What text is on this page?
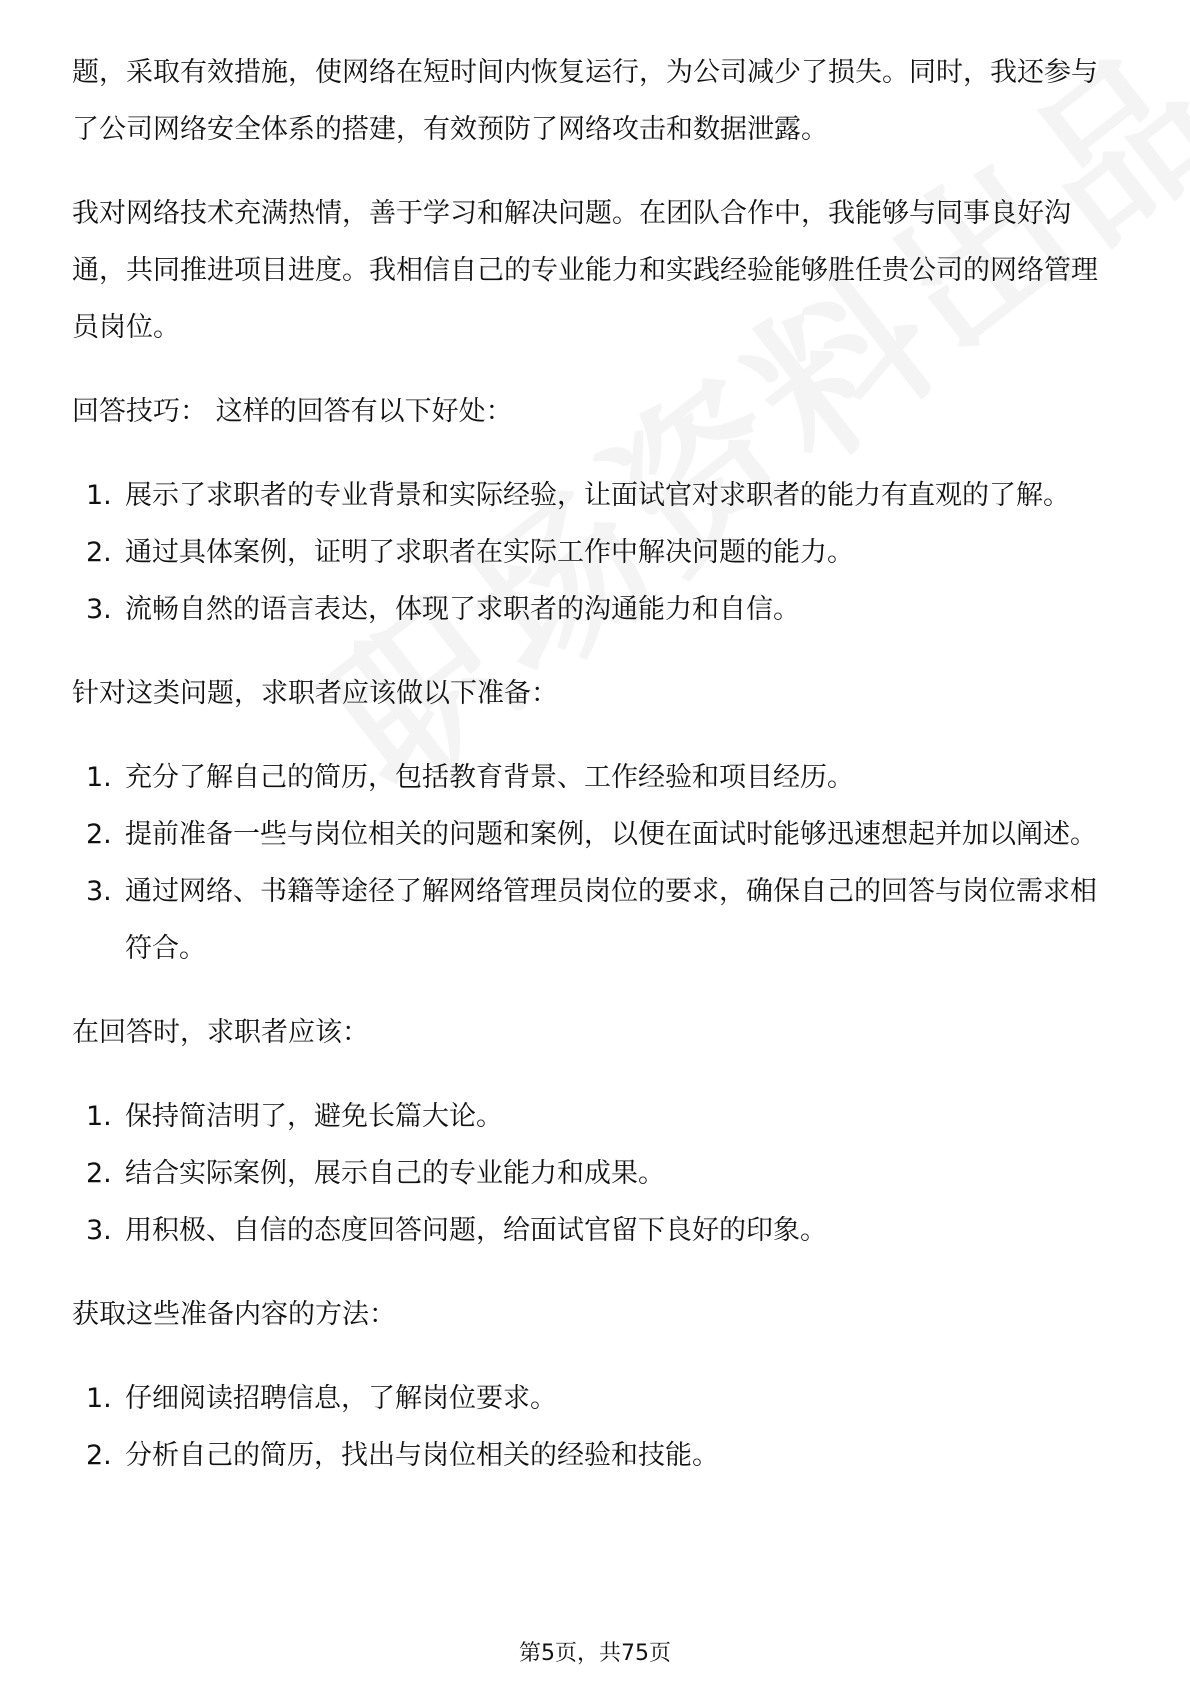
题，采取有效措施，使网络在短时间内恢复运行，为公司减少了损失。同时，我还参与了公司网络安全体系的搭建，有效预防了网络攻击和数据泄露。

我对网络技术充满热情，善于学习和解决问题。在团队合作中，我能够与同事良好沟通，共同推进项目进度。我相信自己的专业能力和实践经验能够胜任贵公司的网络管理员岗位。

回答技巧： 这样的回答有以下好处：

1. 展示了求职者的专业背景和实际经验，让面试官对求职者的能力有直观的了解。
2. 通过具体案例，证明了求职者在实际工作中解决问题的能力。
3. 流畅自然的语言表达，体现了求职者的沟通能力和自信。

针对这类问题，求职者应该做以下准备：

1. 充分了解自己的简历，包括教育背景、工作经验和项目经历。
2. 提前准备一些与岗位相关的问题和案例，以便在面试时能够迅速想起并加以阐述。
3. 通过网络、书籍等途径了解网络管理员岗位的要求，确保自己的回答与岗位需求相符合。

在回答时，求职者应该：

1. 保持简洁明了，避免长篇大论。
2. 结合实际案例，展示自己的专业能力和成果。
3. 用积极、自信的态度回答问题，给面试官留下良好的印象。

获取这些准备内容的方法：

1. 仔细阅读招聘信息，了解岗位要求。
2. 分析自己的简历，找出与岗位相关的经验和技能。
第5页，共75页
